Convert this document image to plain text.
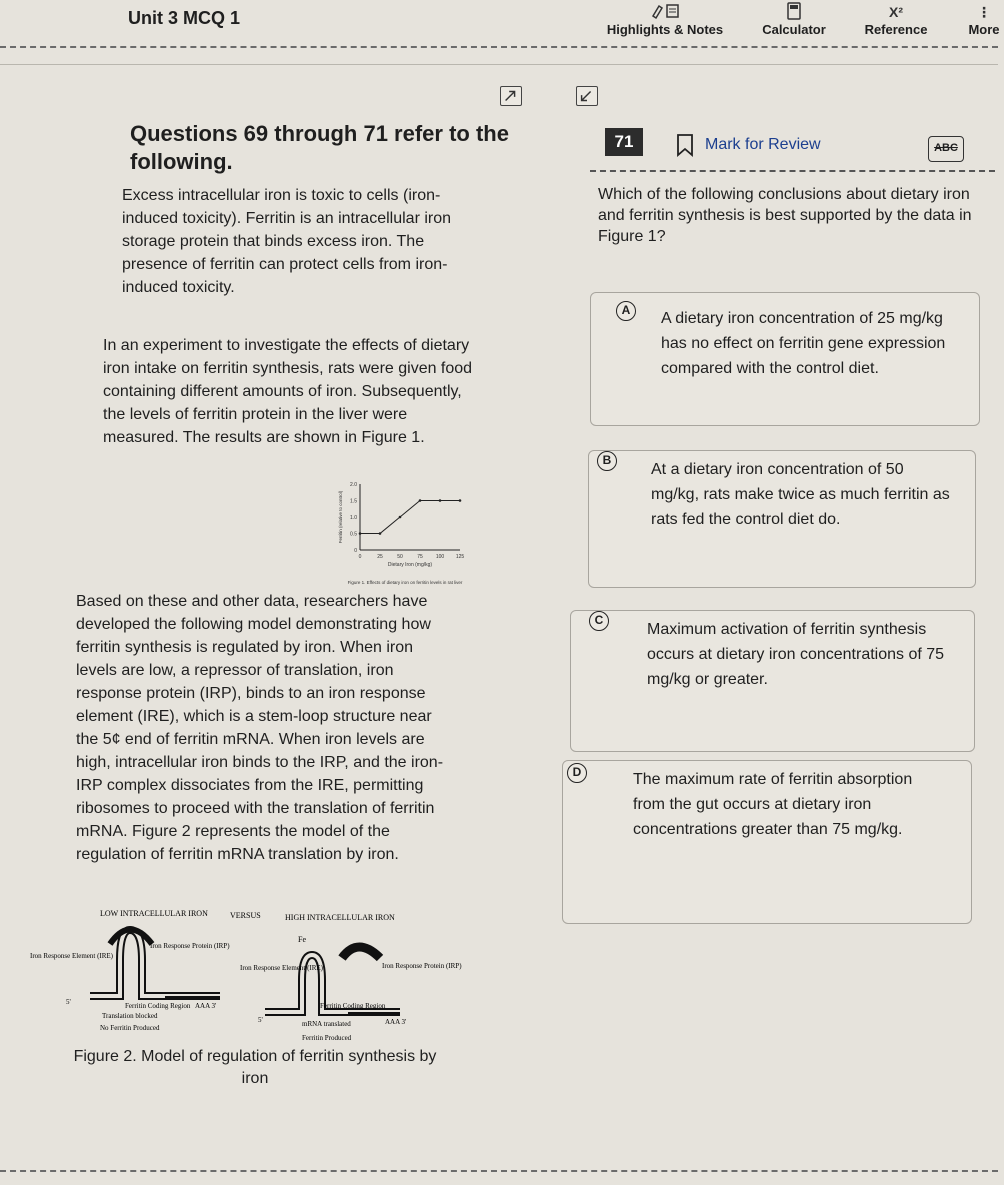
Unit 3 MCQ 1
Highlights & Notes	Calculator
X²
Reference
⋮
More
Questions 69 through 71 refer to the following.
Excess intracellular iron is toxic to cells (iron-induced toxicity). Ferritin is an intracellular iron storage protein that binds excess iron. The presence of ferritin can protect cells from iron-induced toxicity.
In an experiment to investigate the effects of dietary iron intake on ferritin synthesis, rats were given food containing different amounts of iron. Subsequently, the levels of ferritin protein in the liver were measured. The results are shown in Figure 1.
0
0.5
1.0
1.5
2.0
0	25	50	75	100 125
Dietary Iron (mg/kg)
Ferritin (relative to control)
Figure 1. Effects of dietary iron on ferritin levels in rat liver
Based on these and other data, researchers have developed the following model demonstrating how ferritin synthesis is regulated by iron. When iron levels are low, a repressor of translation, iron response protein (IRP), binds to an iron response element (IRE), which is a stem-loop structure near the 5¢ end of ferritin mRNA. When iron levels are high, intracellular iron binds to the IRP, and the iron-IRP complex dissociates from the IRE, permitting ribosomes to proceed with the translation of ferritin mRNA. Figure 2 represents the model of the regulation of ferritin mRNA translation by iron.
LOW INTRACELLULAR IRON	VERSUS	HIGH INTRACELLULAR IRON
Iron Response Element (IRE)
Iron Response Protein (IRP)
5'	Ferritin Coding Region AAA 3'
Translation blocked
No Ferritin Produced
Fe
Iron Response Element (IRE)	Iron Response Protein (IRP)
5'
Ferritin Coding Region
AAA 3'
mRNA translated
Ferritin Produced
Figure 2. Model of regulation of ferritin synthesis by iron
71	Mark for Review	ABC
Which of the following conclusions about dietary iron and ferritin synthesis is best supported by the data in Figure 1?
A	A dietary iron concentration of 25 mg/kg has no effect on ferritin gene expression compared with the control diet.
B
At a dietary iron concentration of 50 mg/kg, rats make twice as much ferritin as rats fed the control diet do.
C
Maximum activation of ferritin synthesis occurs at dietary iron concentrations of 75 mg/kg or greater.
D	The maximum rate of ferritin absorption from the gut occurs at dietary iron concentrations greater than 75 mg/kg.
